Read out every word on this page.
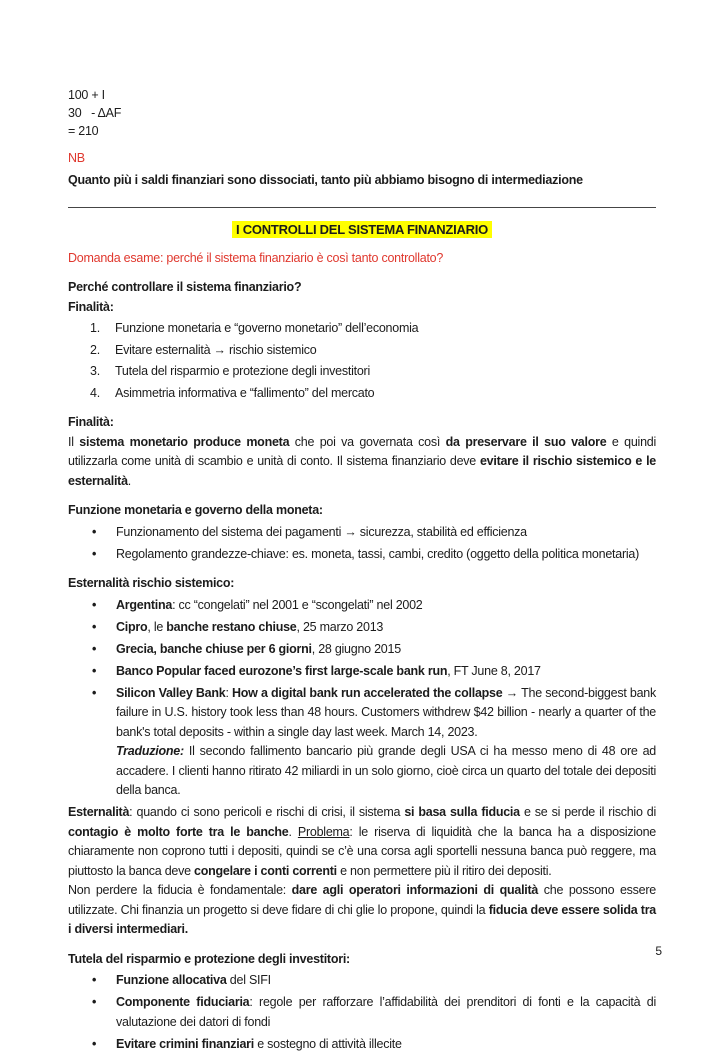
100 + I
30   - ΔAF
= 210
NB
Quanto più i saldi finanziari sono dissociati, tanto più abbiamo bisogno di intermediazione
I CONTROLLI DEL SISTEMA FINANZIARIO
Domanda esame: perché il sistema finanziario è così tanto controllato?
Perché controllare il sistema finanziario?
Finalità:
1.	Funzione monetaria e “governo monetario” dell’economia
2.	Evitare esternalità → rischio sistemico
3.	Tutela del risparmio e protezione degli investitori
4.	Asimmetria informativa e “fallimento” del mercato
Finalità:

Il sistema monetario produce moneta che poi va governata così da preservare il suo valore e quindi utilizzarla come unità di scambio e unità di conto. Il sistema finanziario deve evitare il rischio sistemico e le esternalità.

Funzione monetaria e governo della moneta:
• Funzionamento del sistema dei pagamenti → sicurezza, stabilità ed efficienza
• Regolamento grandezze-chiave: es. moneta, tassi, cambi, credito (oggetto della politica monetaria)
Esternalità rischio sistemico:
• Argentina: cc “congelati” nel 2001 e “scongelati” nel 2002
• Cipro, le banche restano chiuse, 25 marzo 2013
• Grecia, banche chiuse per 6 giorni, 28 giugno 2015
• Banco Popular faced eurozone’s first large-scale bank run, FT June 8, 2017
• Silicon Valley Bank: How a digital bank run accelerated the collapse → The second-biggest bank failure in U.S. history took less than 48 hours. Customers withdrew $42 billion - nearly a quarter of the bank's total deposits - within a single day last week. March 14, 2023.
Traduzione: Il secondo fallimento bancario più grande degli USA ci ha messo meno di 48 ore ad accadere. I clienti hanno ritirato 42 miliardi in un solo giorno, cioè circa un quarto del totale dei depositi della banca.

Esternalità: quando ci sono pericoli e rischi di crisi, il sistema si basa sulla fiducia e se si perde il rischio di contagio è molto forte tra le banche. Problema: le riserva di liquidità che la banca ha a disposizione chiaramente non coprono tutti i depositi, quindi se c’è una corsa agli sportelli nessuna banca può reggere, ma piuttosto la banca deve congelare i conti correnti e non permettere più il ritiro dei depositi.

Non perdere la fiducia è fondamentale: dare agli operatori informazioni di qualità che possono essere utilizzate. Chi finanzia un progetto si deve fidare di chi glie lo propone, quindi la fiducia deve essere solida tra i diversi intermediari.

Tutela del risparmio e protezione degli investitori:
• Funzione allocativa del SIFI
• Componente fiduciaria: regole per rafforzare l’affidabilità dei prenditori di fonti e la capacità di valutazione dei datori di fondi
• Evitare crimini finanziari e sostegno di attività illecite
5
